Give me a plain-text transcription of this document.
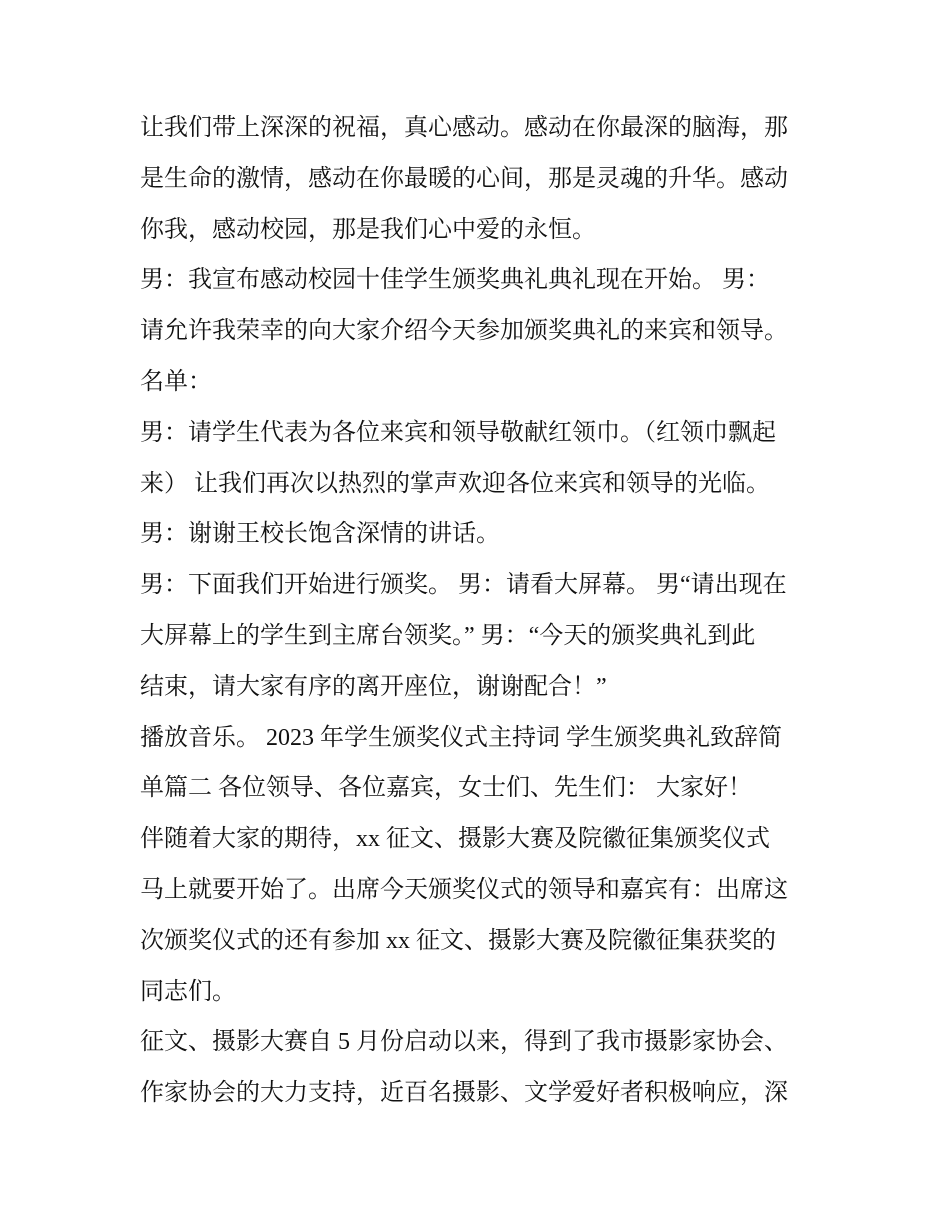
让我们带上深深的祝福，真心感动。感动在你最深的脑海，那
是生命的激情，感动在你最暖的心间，那是灵魂的升华。感动
你我，感动校园，那是我们心中爱的永恒。
男：我宣布感动校园十佳学生颁奖典礼典礼现在开始。 男：
请允许我荣幸的向大家介绍今天参加颁奖典礼的来宾和领导。
名单：
男：请学生代表为各位来宾和领导敬献红领巾。（红领巾飘起
来） 让我们再次以热烈的掌声欢迎各位来宾和领导的光临。
男：谢谢王校长饱含深情的讲话。
男：下面我们开始进行颁奖。 男：请看大屏幕。 男“请出现在
大屏幕上的学生到主席台领奖。” 男：“今天的颁奖典礼到此
结束，请大家有序的离开座位，谢谢配合！”
播放音乐。 2023 年学生颁奖仪式主持词 学生颁奖典礼致辞简
单篇二 各位领导、各位嘉宾，女士们、先生们： 大家好！
伴随着大家的期待，xx 征文、摄影大赛及院徽征集颁奖仪式
马上就要开始了。出席今天颁奖仪式的领导和嘉宾有：出席这
次颁奖仪式的还有参加 xx 征文、摄影大赛及院徽征集获奖的
同志们。
征文、摄影大赛自 5 月份启动以来，得到了我市摄影家协会、
作家协会的大力支持，近百名摄影、文学爱好者积极响应，深
